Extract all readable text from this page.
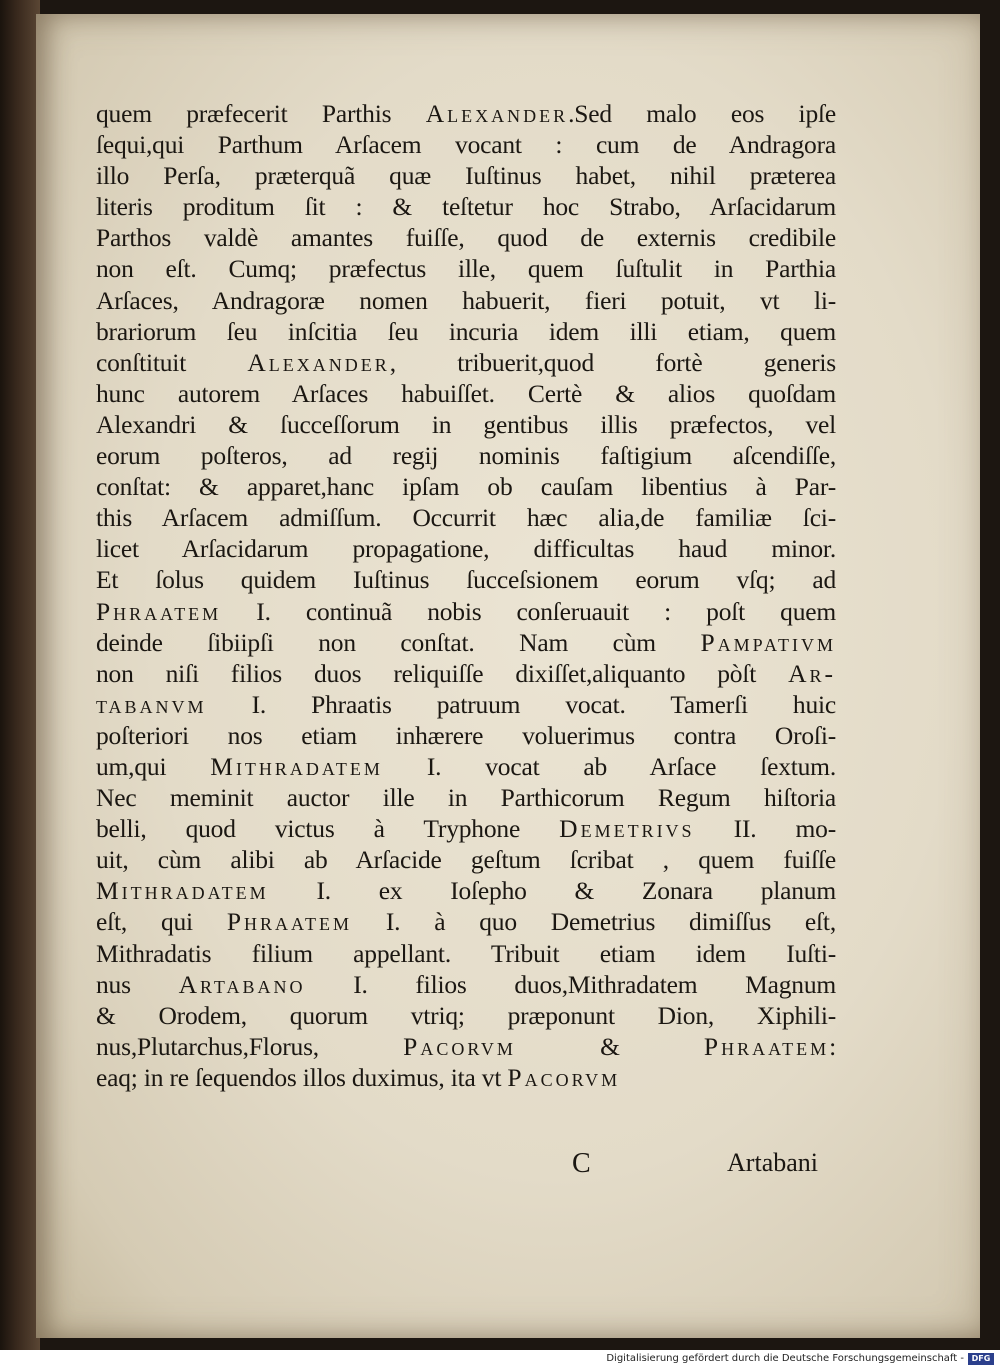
quem præfecerit Parthis Alexander.Sed malo eos ipſe
ſequi,qui Parthum Arſacem vocant : cum de Andragora
illo Perſa, præterquã quæ Iuſtinus habet, nihil præterea
literis proditum ſit : & teſtetur hoc Strabo, Arſacidarum
Parthos valdè amantes fuiſſe, quod de externis credibile
non eſt. Cumq; præfectus ille, quem ſuſtulit in Parthia
Arſaces, Andragoræ nomen habuerit, fieri potuit, vt li-
brariorum ſeu inſcitia ſeu incuria idem illi etiam, quem
conſtituit Alexander, tribuerit,quod fortè generis
hunc autorem Arſaces habuiſſet. Certè & alios quoſdam
Alexandri & ſucceſſorum in gentibus illis præfectos, vel
eorum poſteros, ad regij nominis faſtigium aſcendiſſe,
conſtat: & apparet,hanc ipſam ob cauſam libentius à Par-
this Arſacem admiſſum. Occurrit hæc alia,de familiæ ſci-
licet Arſacidarum propagatione, difficultas haud minor.
Et ſolus quidem Iuſtinus ſucceſsionem eorum vſq; ad
Phraatem I. continuã nobis conſeruauit : poſt quem
deinde ſibiipſi non conſtat. Nam cùm Pampativm
non niſi filios duos reliquiſſe dixiſſet,aliquanto pòſt Ar-
tabanvm I. Phraatis patruum vocat. Tamerſi huic
poſteriori nos etiam inhærere voluerimus contra Oroſi-
um,qui Mithradatem I. vocat ab Arſace ſextum.
Nec meminit auctor ille in Parthicorum Regum hiſtoria
belli, quod victus à Tryphone Demetrivs II. mo-
uit, cùm alibi ab Arſacide geſtum ſcribat , quem fuiſſe
Mithradatem I. ex Ioſepho & Zonara planum
eſt, qui Phraatem I. à quo Demetrius dimiſſus eſt,
Mithradatis filium appellant. Tribuit etiam idem Iuſti-
nus Artabano I. filios duos,Mithradatem Magnum
& Orodem, quorum vtriq; præponunt Dion, Xiphili-
nus,Plutarchus,Florus, Pacorvm & Phraatem:
eaq; in re ſequendos illos duximus, ita vt Pacorvm
C	Artabani
Digitalisierung gefördert durch die Deutsche Forschungsgemeinschaft - DFG
